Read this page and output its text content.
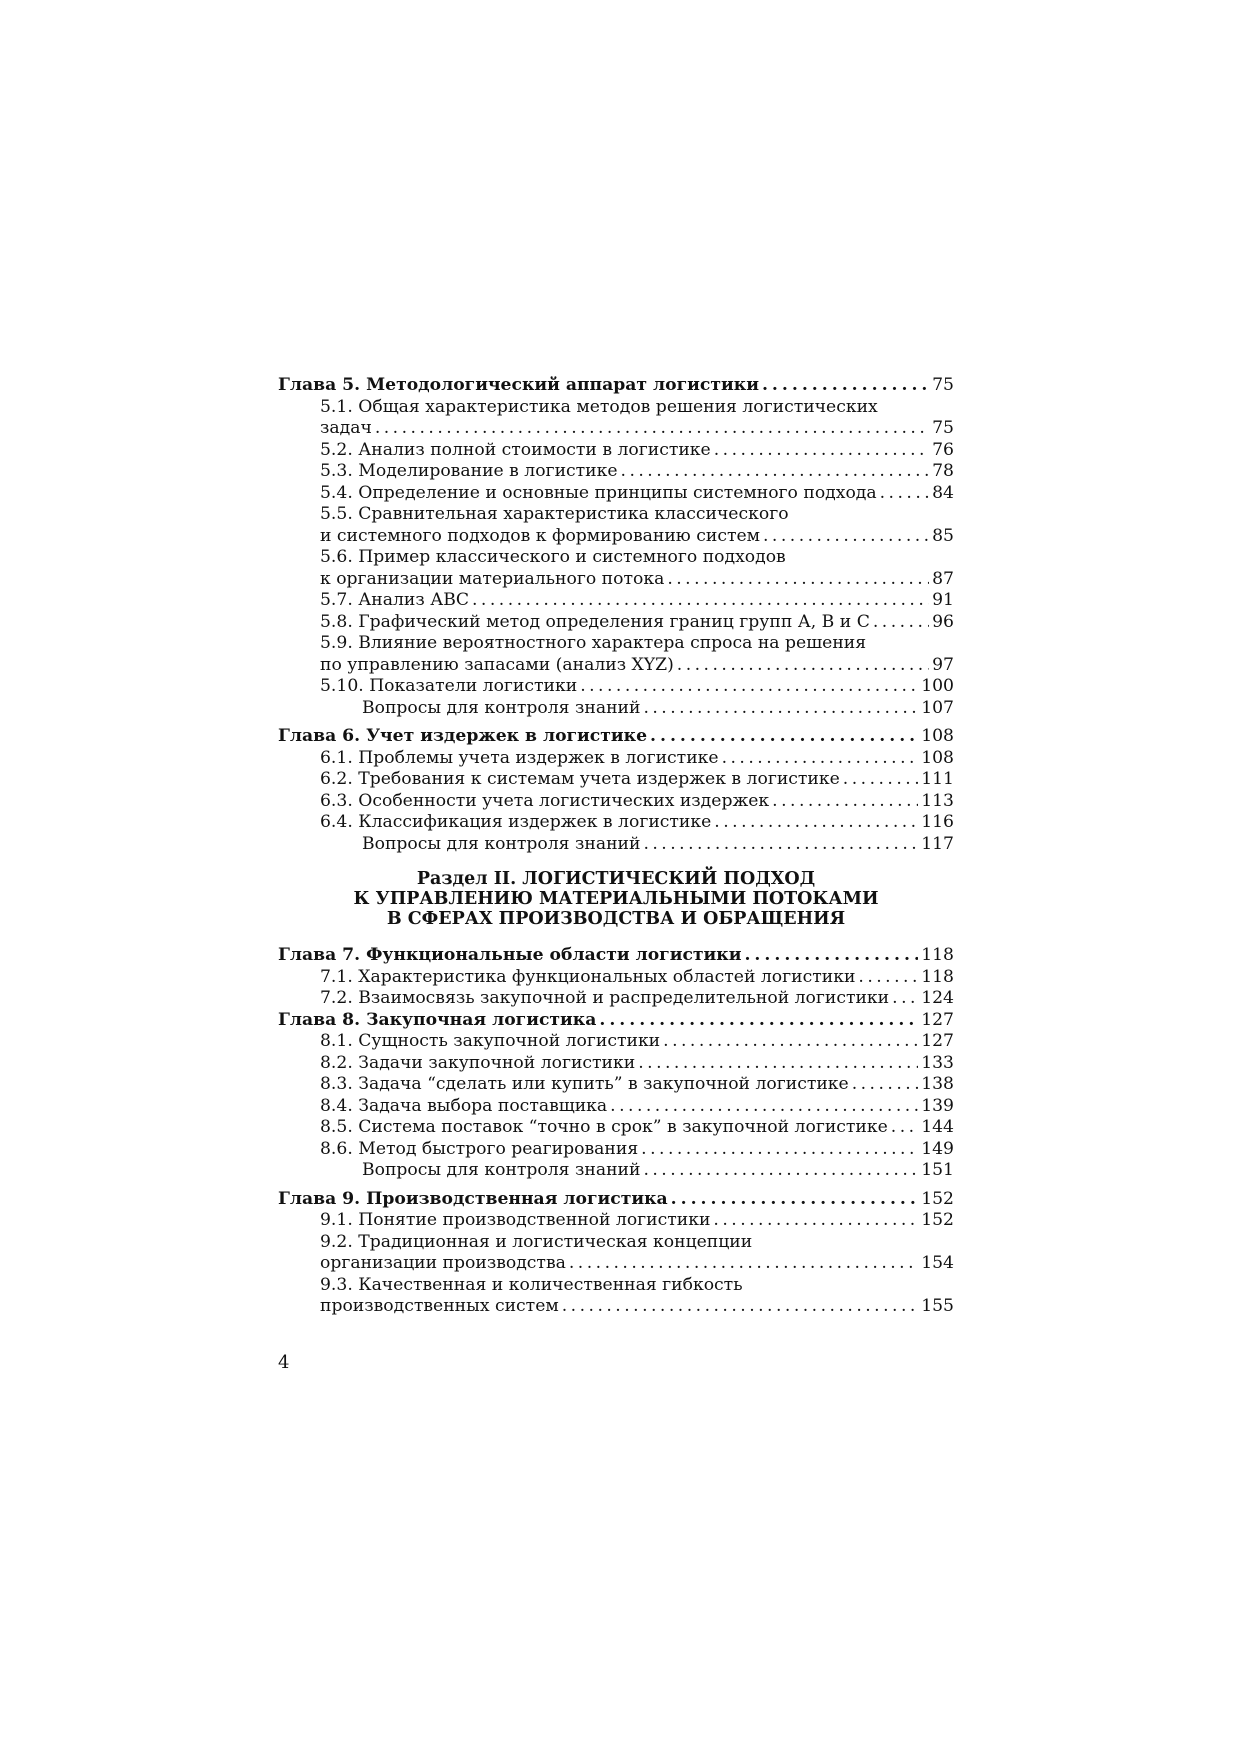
Глава 5. Методологический аппарат логистики . . .	75
5.1. Общая характеристика методов решения логистических
задач . . .	75
5.2. Анализ полной стоимости в логистике . . .	76
5.3. Моделирование в логистике . . .	78
5.4. Определение и основные принципы системного подхода . . .	84
5.5. Сравнительная характеристика классического
и системного подходов к формированию систем . . .	85
5.6. Пример классического и системного подходов
к организации материального потока . . .	87
5.7. Анализ АВС . . .	91
5.8. Графический метод определения границ групп А, В и С . . .	96
5.9. Влияние вероятностного характера спроса на решения
по управлению запасами (анализ XYZ) . . .	97
5.10. Показатели логистики . . .	100
Вопросы для контроля знаний . . .	107
Глава 6. Учет издержек в логистике . . .	108
6.1. Проблемы учета издержек в логистике . . .	108
6.2. Требования к системам учета издержек в логистике . . .	111
6.3. Особенности учета логистических издержек . . .	113
6.4. Классификация издержек в логистике . . .	116
Вопросы для контроля знаний . . .	117
Раздел II. ЛОГИСТИЧЕСКИЙ ПОДХОД
К УПРАВЛЕНИЮ МАТЕРИАЛЬНЫМИ ПОТОКАМИ
В СФЕРАХ ПРОИЗВОДСТВА И ОБРАЩЕНИЯ
Глава 7. Функциональные области логистики . . .	118
7.1. Характеристика функциональных областей логистики . . .	118
7.2. Взаимосвязь закупочной и распределительной логистики . . . 124
Глава 8. Закупочная логистика . . .	127
8.1. Сущность закупочной логистики . . .	127
8.2. Задачи закупочной логистики . . .	133
8.3. Задача “сделать или купить” в закупочной логистике . . .	138
8.4. Задача выбора поставщика . . .	139
8.5. Система поставок “точно в срок” в закупочной логистике . . . 144
8.6. Метод быстрого реагирования . . .	149
Вопросы для контроля знаний . . .	151
Глава 9. Производственная логистика . . .	152
9.1. Понятие производственной логистики . . .	152
9.2. Традиционная и логистическая концепции
организации производства . . .	154
9.3. Качественная и количественная гибкость
производственных систем . . .	155
4
